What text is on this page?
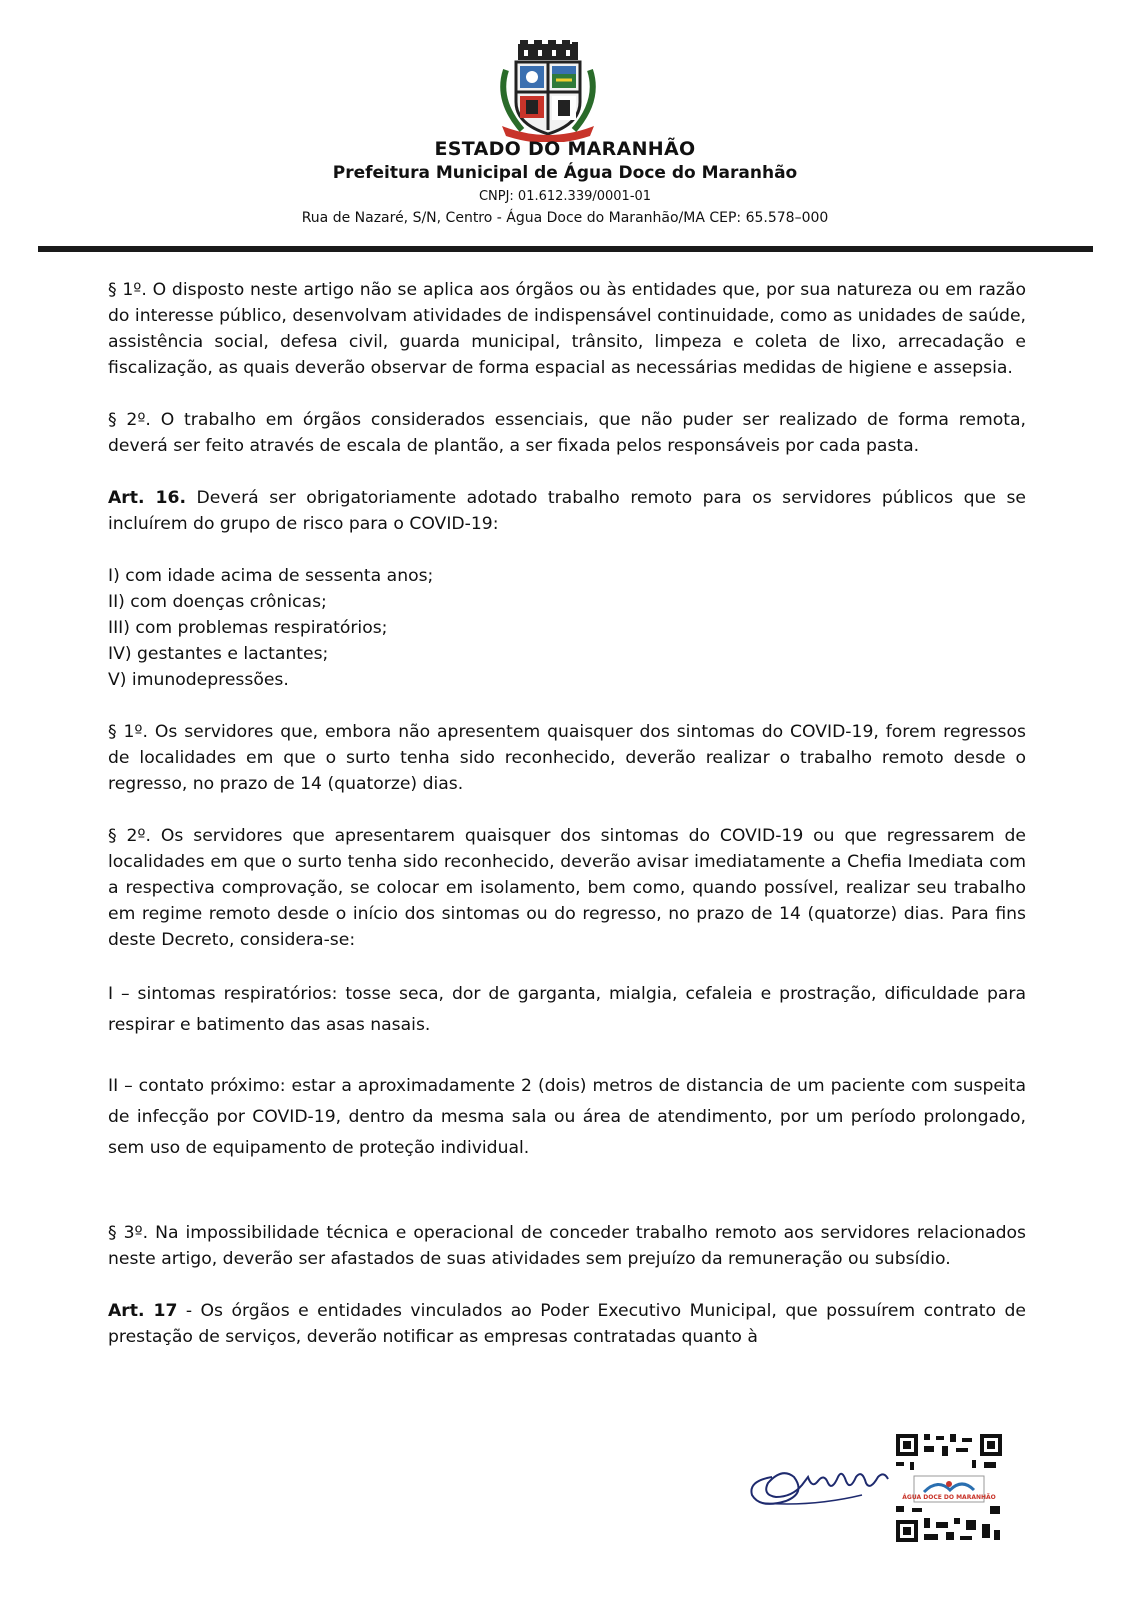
ESTADO DO MARANHÃO
Prefeitura Municipal de Água Doce do Maranhão
CNPJ: 01.612.339/0001-01
Rua de Nazaré, S/N, Centro - Água Doce do Maranhão/MA CEP: 65.578–000

§ 1º. O disposto neste artigo não se aplica aos órgãos ou às entidades que, por sua natureza ou em razão do interesse público, desenvolvam atividades de indispensável continuidade, como as unidades de saúde, assistência social, defesa civil, guarda municipal, trânsito, limpeza e coleta de lixo, arrecadação e fiscalização, as quais deverão observar de forma espacial as necessárias medidas de higiene e assepsia.

§ 2º. O trabalho em órgãos considerados essenciais, que não puder ser realizado de forma remota, deverá ser feito através de escala de plantão, a ser fixada pelos responsáveis por cada pasta.

Art. 16. Deverá ser obrigatoriamente adotado trabalho remoto para os servidores públicos que se incluírem do grupo de risco para o COVID-19:

I) com idade acima de sessenta anos;

II) com doenças crônicas;

III) com problemas respiratórios;

IV) gestantes e lactantes;

V) imunodepressões.

§ 1º. Os servidores que, embora não apresentem quaisquer dos sintomas do COVID-19, forem regressos de localidades em que o surto tenha sido reconhecido, deverão realizar o trabalho remoto desde o regresso, no prazo de 14 (quatorze) dias.

§ 2º. Os servidores que apresentarem quaisquer dos sintomas do COVID-19 ou que regressarem de localidades em que o surto tenha sido reconhecido, deverão avisar imediatamente a Chefia Imediata com a respectiva comprovação, se colocar em isolamento, bem como, quando possível, realizar seu trabalho em regime remoto desde o início dos sintomas ou do regresso, no prazo de 14 (quatorze) dias. Para fins deste Decreto, considera-se:

I – sintomas respiratórios: tosse seca, dor de garganta, mialgia, cefaleia e prostração, dificuldade para respirar e batimento das asas nasais.

II – contato próximo: estar a aproximadamente 2 (dois) metros de distancia de um paciente com suspeita de infecção por COVID-19, dentro da mesma sala ou área de atendimento, por um período prolongado, sem uso de equipamento de proteção individual.

§ 3º. Na impossibilidade técnica e operacional de conceder trabalho remoto aos servidores relacionados neste artigo, deverão ser afastados de suas atividades sem prejuízo da remuneração ou subsídio.

Art. 17 - Os órgãos e entidades vinculados ao Poder Executivo Municipal, que possuírem contrato de prestação de serviços, deverão notificar as empresas contratadas quanto à

ÁGUA DOCE DO MARANHÃO
